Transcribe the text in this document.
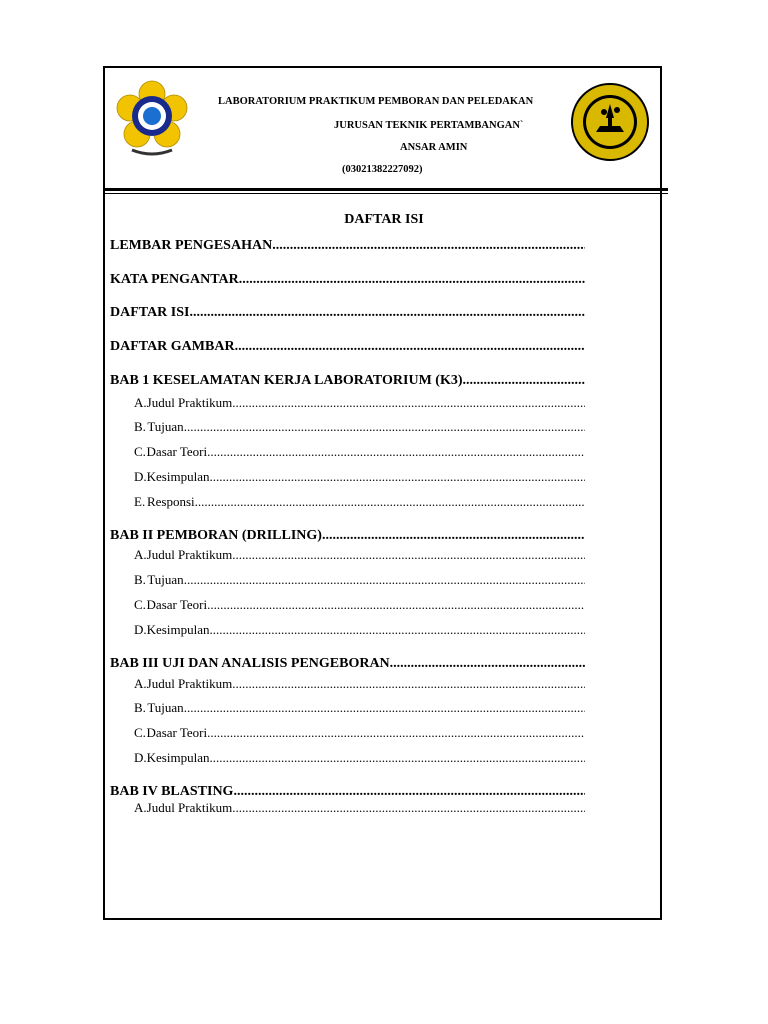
LABORATORIUM PRAKTIKUM PEMBORAN DAN PELEDAKAN
JURUSAN TEKNIK PERTAMBANGAN`
ANSAR AMIN
(03021382227092)
DAFTAR ISI
LEMBAR PENGESAHAN
.....
KATA PENGANTAR
.....
DAFTAR ISI
.....
DAFTAR GAMBAR
.....
BAB 1 KESELAMATAN KERJA LABORATORIUM (K3)
.....
A. Judul Praktikum
.....
B. Tujuan
.....
C. Dasar Teori
.....
D. Kesimpulan
.....
E. Responsi
.....
BAB II PEMBORAN (DRILLING)
.....
A. Judul Praktikum
.....
B. Tujuan
.....
C. Dasar Teori
.....
D. Kesimpulan
.....
BAB III UJI DAN ANALISIS PENGEBORAN
.....
A. Judul Praktikum
.....
B. Tujuan
.....
C. Dasar Teori
.....
D. Kesimpulan
.....
BAB IV BLASTING
.....
A. Judul Praktikum
.....
